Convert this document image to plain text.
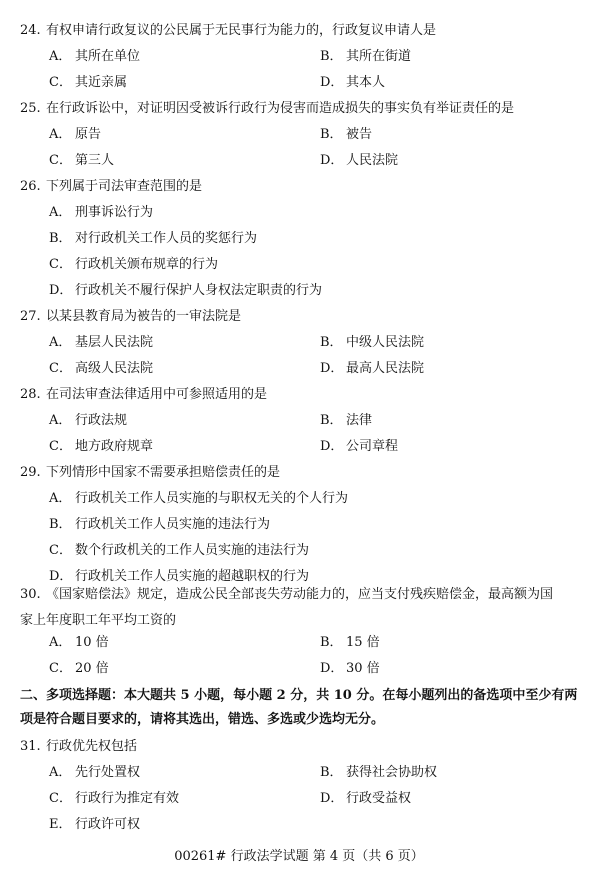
24. 有权申请行政复议的公民属于无民事行为能力的，行政复议申请人是
A． 其所在单位	B． 其所在街道
C． 其近亲属	D． 其本人
25. 在行政诉讼中，对证明因受被诉行政行为侵害而造成损失的事实负有举证责任的是
A． 原告	B． 被告
C． 第三人	D． 人民法院
26. 下列属于司法审查范围的是
A． 刑事诉讼行为
B． 对行政机关工作人员的奖惩行为
C． 行政机关颁布规章的行为
D． 行政机关不履行保护人身权法定职责的行为
27. 以某县教育局为被告的一审法院是
A． 基层人民法院	B． 中级人民法院
C． 高级人民法院	D． 最高人民法院
28. 在司法审查法律适用中可参照适用的是
A． 行政法规	B． 法律
C． 地方政府规章	D． 公司章程
29. 下列情形中国家不需要承担赔偿责任的是
A． 行政机关工作人员实施的与职权无关的个人行为
B． 行政机关工作人员实施的违法行为
C． 数个行政机关的工作人员实施的违法行为
D． 行政机关工作人员实施的超越职权的行为
30. 《国家赔偿法》规定，造成公民全部丧失劳动能力的，应当支付残疾赔偿金，最高额为国家上年度职工年平均工资的
A． 10 倍	B． 15 倍
C． 20 倍	D． 30 倍
二、多项选择题：本大题共 5 小题，每小题 2 分，共 10 分。在每小题列出的备选项中至少有两项是符合题目要求的，请将其选出，错选、多选或少选均无分。
31. 行政优先权包括
A． 先行处置权	B． 获得社会协助权
C． 行政行为推定有效	D． 行政受益权
E． 行政许可权
00261# 行政法学试题 第 4 页（共 6 页）
